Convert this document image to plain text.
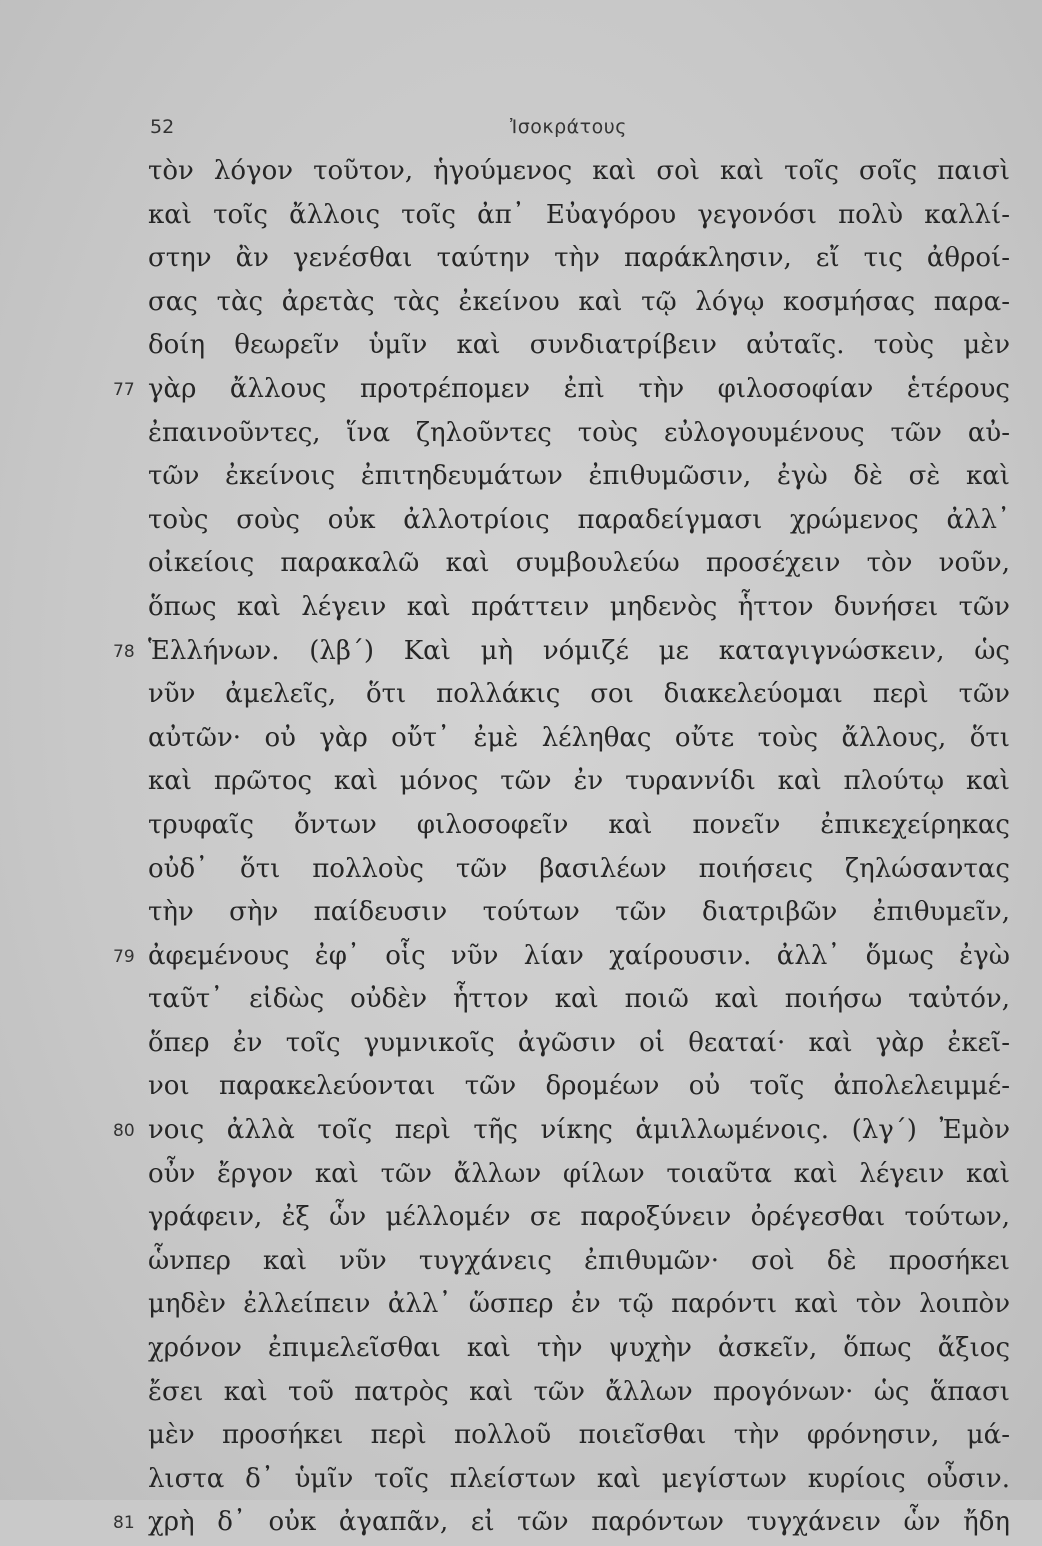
52	Ἰσοκράτους
τὸν λόγον τοῦτον, ἡγούμενος καὶ σοὶ καὶ τοῖς σοῖς παισὶ
καὶ τοῖς ἄλλοις τοῖς ἀπ᾽ Εὐαγόρου γεγονόσι πολὺ καλλί-
στην ἂν γενέσθαι ταύτην τὴν παράκλησιν, εἴ τις ἀθροί-
σας τὰς ἀρετὰς τὰς ἐκείνου καὶ τῷ λόγῳ κοσμήσας παρα-
δοίη θεωρεῖν ὑμῖν καὶ συνδιατρίβειν αὐταῖς. τοὺς μὲν
77 γὰρ ἄλλους προτρέπομεν ἐπὶ τὴν φιλοσοφίαν ἑτέρους
ἐπαινοῦντες, ἵνα ζηλοῦντες τοὺς εὐλογουμένους τῶν αὐ-
τῶν ἐκείνοις ἐπιτηδευμάτων ἐπιθυμῶσιν, ἐγὼ δὲ σὲ καὶ
τοὺς σοὺς οὐκ ἀλλοτρίοις παραδείγμασι χρώμενος ἀλλ᾽
οἰκείοις παρακαλῶ καὶ συμβουλεύω προσέχειν τὸν νοῦν,
ὅπως καὶ λέγειν καὶ πράττειν μηδενὸς ἧττον δυνήσει τῶν
78 Ἑλλήνων. (λβ΄) Καὶ μὴ νόμιζέ με καταγιγνώσκειν, ὡς
νῦν ἀμελεῖς, ὅτι πολλάκις σοι διακελεύομαι περὶ τῶν
αὐτῶν· οὐ γὰρ οὔτ᾽ ἐμὲ λέληθας οὔτε τοὺς ἄλλους, ὅτι
καὶ πρῶτος καὶ μόνος τῶν ἐν τυραννίδι καὶ πλούτῳ καὶ
τρυφαῖς ὄντων φιλοσοφεῖν καὶ πονεῖν ἐπικεχείρηκας
οὐδ᾽ ὅτι πολλοὺς τῶν βασιλέων ποιήσεις ζηλώσαντας
τὴν σὴν παίδευσιν τούτων τῶν διατριβῶν ἐπιθυμεῖν,
79 ἀφεμένους ἐφ᾽ οἷς νῦν λίαν χαίρουσιν. ἀλλ᾽ ὅμως ἐγὼ
ταῦτ᾽ εἰδὼς οὐδὲν ἧττον καὶ ποιῶ καὶ ποιήσω ταὐτόν,
ὅπερ ἐν τοῖς γυμνικοῖς ἀγῶσιν οἱ θεαταί· καὶ γὰρ ἐκεῖ-
νοι παρακελεύονται τῶν δρομέων οὐ τοῖς ἀπολελειμμέ-
80 νοις ἀλλὰ τοῖς περὶ τῆς νίκης ἁμιλλωμένοις. (λγ΄) Ἐμὸν
οὖν ἔργον καὶ τῶν ἄλλων φίλων τοιαῦτα καὶ λέγειν καὶ
γράφειν, ἐξ ὧν μέλλομέν σε παροξύνειν ὀρέγεσθαι τούτων,
ὧνπερ καὶ νῦν τυγχάνεις ἐπιθυμῶν· σοὶ δὲ προσήκει
μηδὲν ἐλλείπειν ἀλλ᾽ ὥσπερ ἐν τῷ παρόντι καὶ τὸν λοιπὸν
χρόνον ἐπιμελεῖσθαι καὶ τὴν ψυχὴν ἀσκεῖν, ὅπως ἄξιος
ἔσει καὶ τοῦ πατρὸς καὶ τῶν ἄλλων προγόνων· ὡς ἅπασι
μὲν προσήκει περὶ πολλοῦ ποιεῖσθαι τὴν φρόνησιν, μά-
λιστα δ᾽ ὑμῖν τοῖς πλείστων καὶ μεγίστων κυρίοις οὖσιν.
81 χρὴ δ᾽ οὐκ ἀγαπᾶν, εἰ τῶν παρόντων τυγχάνειν ὧν ἤδη
